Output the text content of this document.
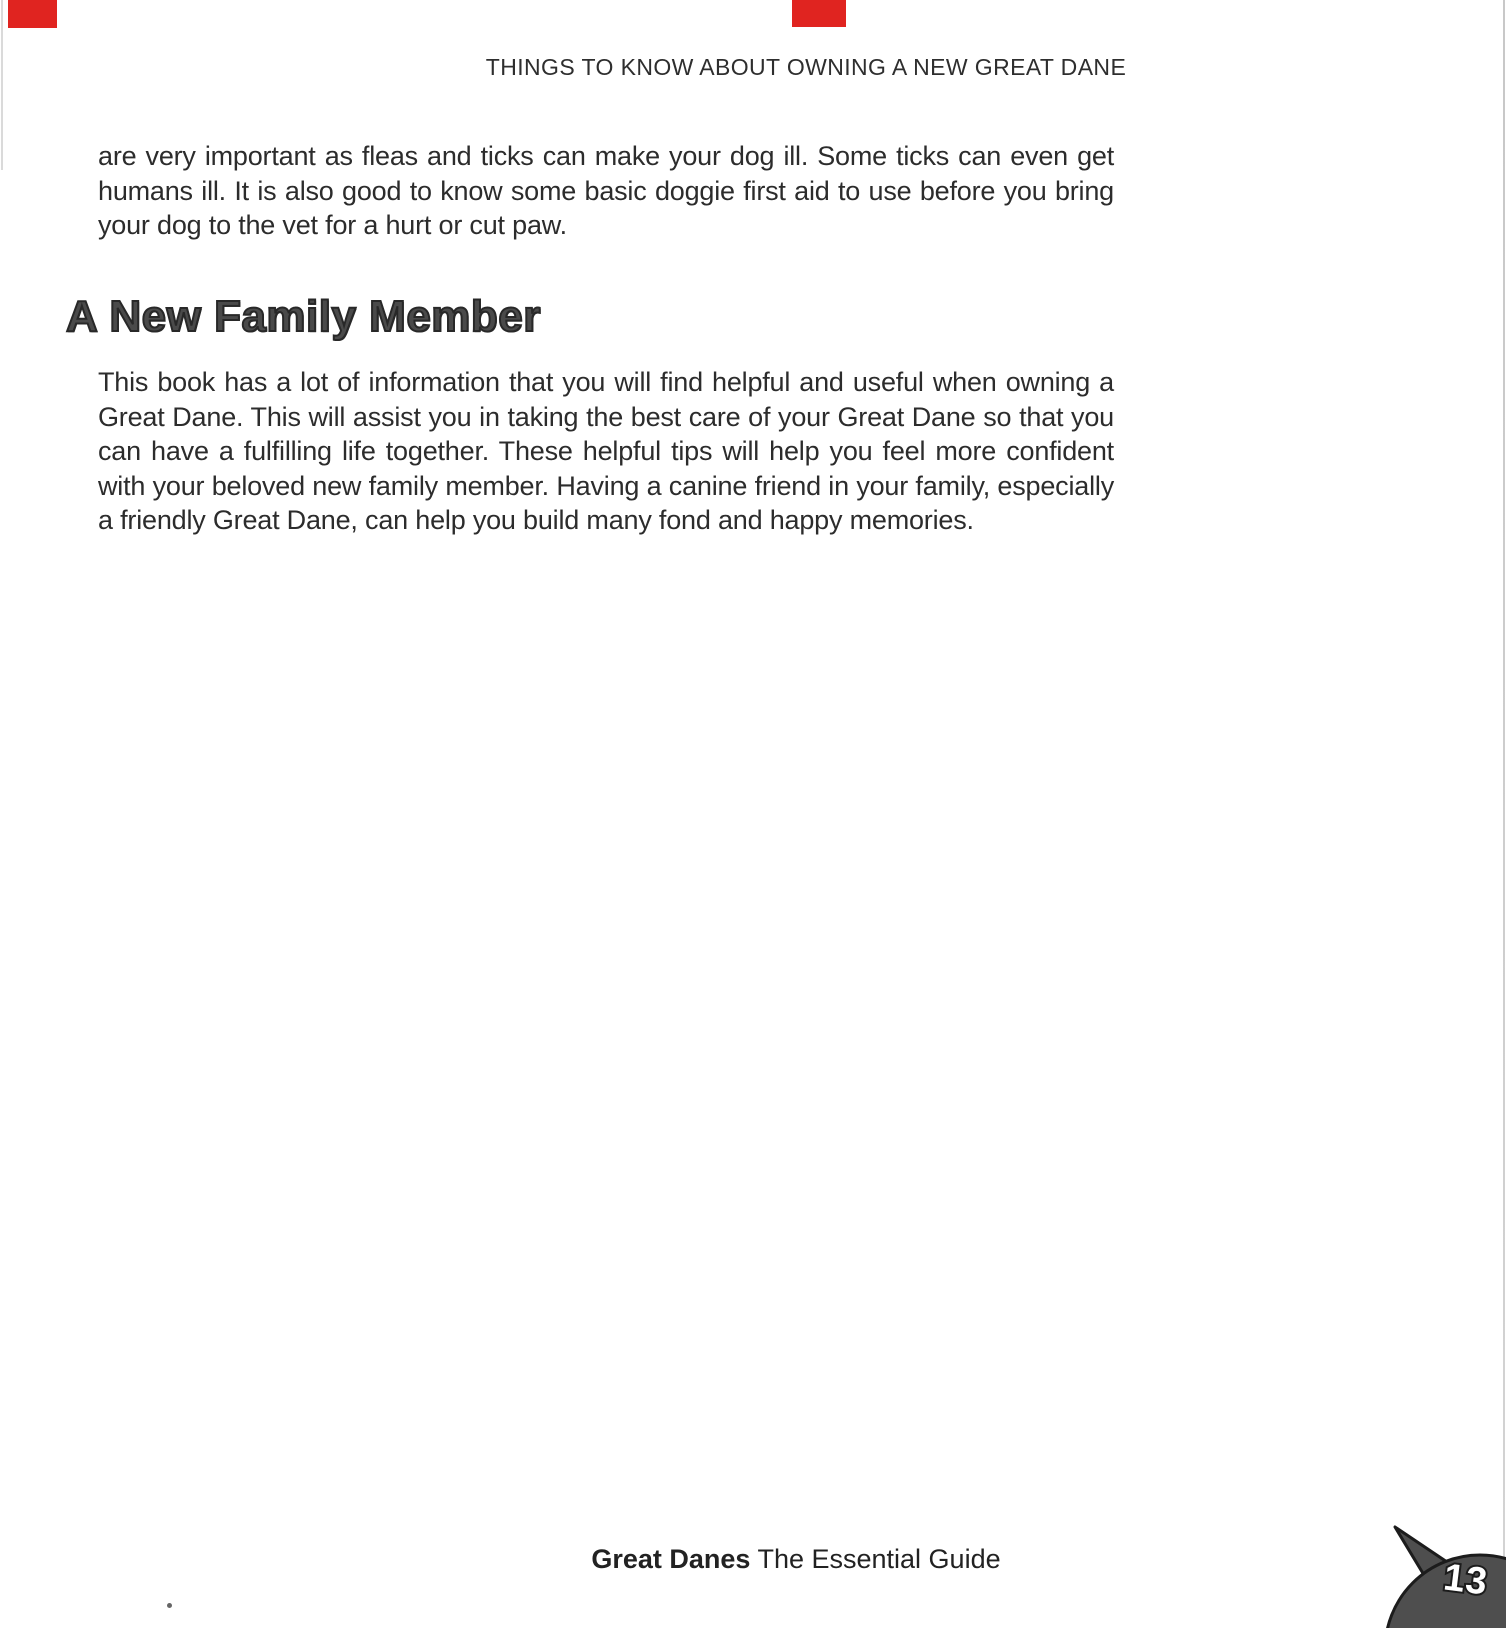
THINGS TO KNOW ABOUT OWNING A NEW GREAT DANE
are very important as fleas and ticks can make your dog ill. Some ticks can even get
humans ill. It is also good to know some basic doggie first aid to use before you bring
your dog to the vet for a hurt or cut paw.
A New Family Member
This book has a lot of information that you will find helpful and useful when owning a
Great Dane. This will assist you in taking the best care of your Great Dane so that you
can have a fulfilling life together. These helpful tips will help you feel more confident
with your beloved new family member. Having a canine friend in your family, especially
a friendly Great Dane, can help you build many fond and happy memories.
Great Danes The Essential Guide	13
